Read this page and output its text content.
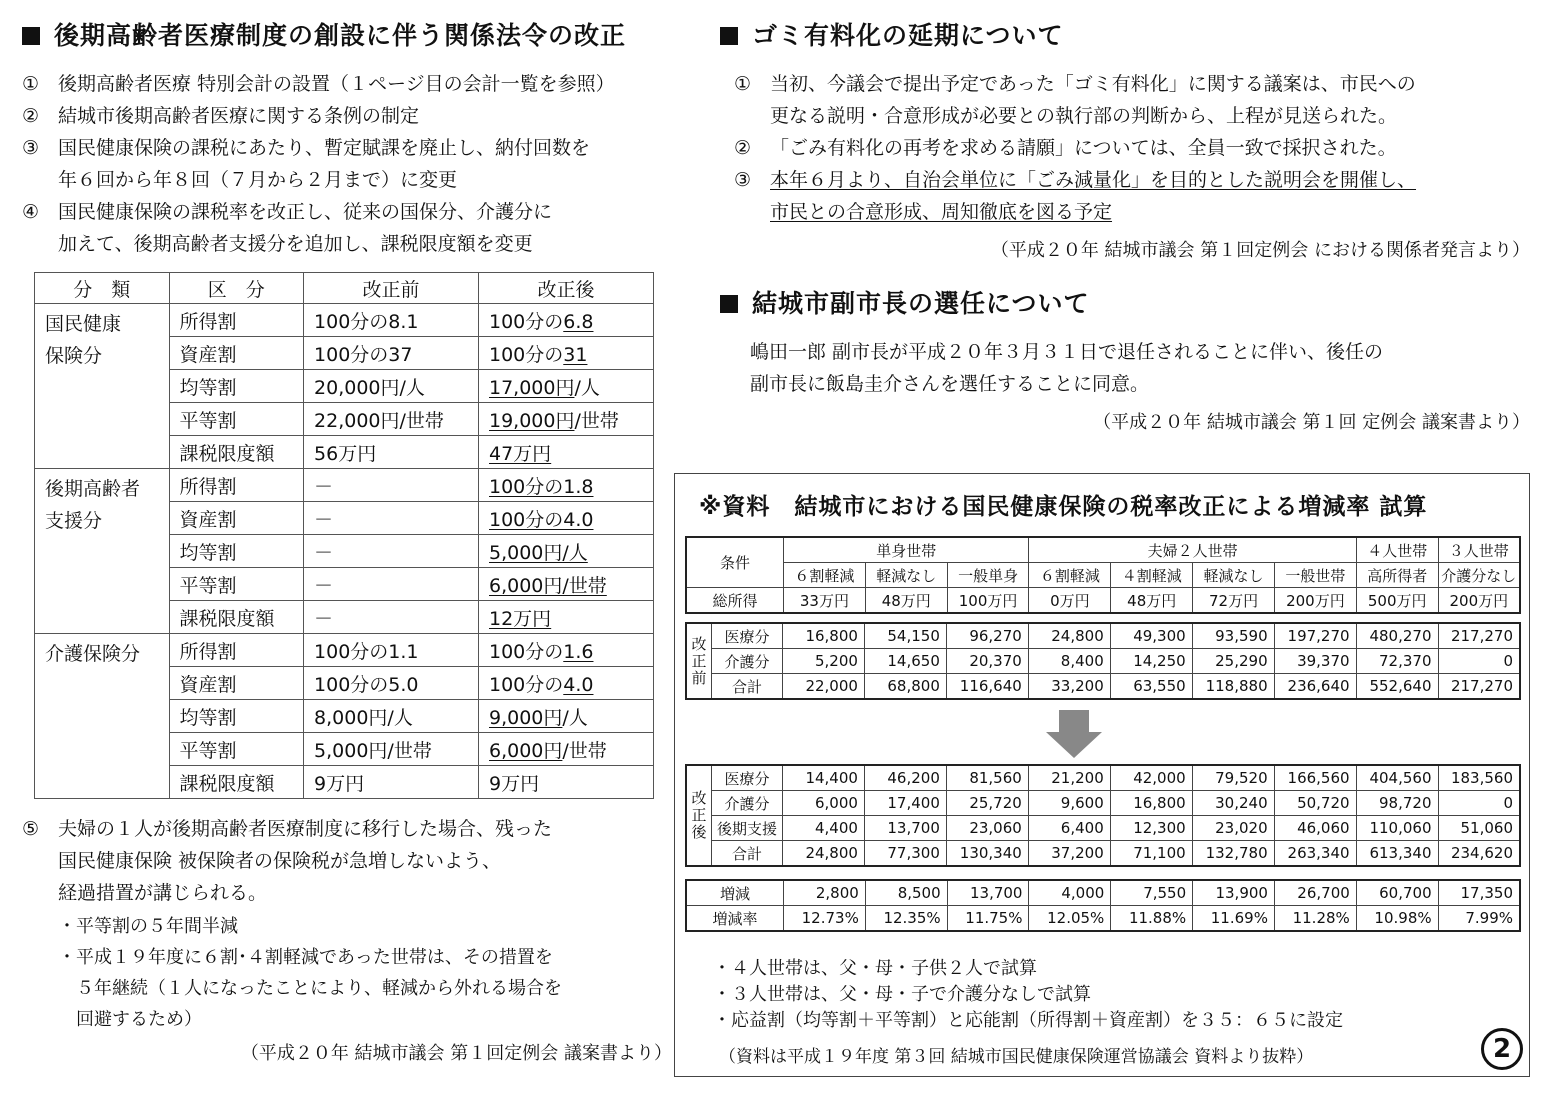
後期高齢者医療制度の創設に伴う関係法令の改正
① 後期高齢者医療 特別会計の設置（１ページ目の会計一覧を参照）
② 結城市後期高齢者医療に関する条例の制定
③ 国民健康保険の課税にあたり、暫定賦課を廃止し、納付回数を
年６回から年８回（７月から２月まで）に変更
④ 国民健康保険の課税率を改正し、従来の国保分、介護分に
加えて、後期高齢者支援分を追加し、課税限度額を変更
分　類	区　分	改正前	改正後
国民健康
保険分	所得割	100分の8.1	100分の6.8
	資産割	100分の37	100分の31
	均等割	20,000円/人	17,000円/人
	平等割	22,000円/世帯	19,000円/世帯
	課税限度額	56万円	47万円
後期高齢者
支援分	所得割	－	100分の1.8
	資産割	－	100分の4.0
	均等割	－	5,000円/人
	平等割	－	6,000円/世帯
	課税限度額	－	12万円
介護保険分	所得割	100分の1.1	100分の1.6
	資産割	100分の5.0	100分の4.0
	均等割	8,000円/人	9,000円/人
	平等割	5,000円/世帯	6,000円/世帯
	課税限度額	9万円	9万円
⑤ 夫婦の１人が後期高齢者医療制度に移行した場合、残った
国民健康保険 被保険者の保険税が急増しないよう、
経過措置が講じられる。
・平等割の５年間半減
・平成１９年度に６割･４割軽減であった世帯は、その措置を
　５年継続（１人になったことにより、軽減から外れる場合を
　回避するため）
（平成２０年 結城市議会 第１回定例会 議案書より）
ゴミ有料化の延期について
① 当初、今議会で提出予定であった「ゴミ有料化」に関する議案は、市民への
更なる説明・合意形成が必要との執行部の判断から、上程が見送られた。
② 「ごみ有料化の再考を求める請願」については、全員一致で採択された。
③ 本年６月より、自治会単位に「ごみ減量化」を目的とした説明会を開催し、
市民との合意形成、周知徹底を図る予定
（平成２０年 結城市議会 第１回定例会 における関係者発言より）
結城市副市長の選任について
嶋田一郎 副市長が平成２０年３月３１日で退任されることに伴い、後任の
副市長に飯島圭介さんを選任することに同意。
（平成２０年 結城市議会 第１回 定例会 議案書より）
※資料　結城市における国民健康保険の税率改正による増減率 試算
条件	単身世帯			夫婦２人世帯				４人世帯	３人世帯
	６割軽減	軽減なし	一般単身	６割軽減	４割軽減	軽減なし	一般世帯	高所得者	介護分なし
総所得	33万円	48万円	100万円	0万円	48万円	72万円	200万円	500万円	200万円
改
正
前	医療分	16,800	54,150	96,270	24,800	49,300	93,590	197,270	480,270	217,270
	介護分	5,200	14,650	20,370	8,400	14,250	25,290	39,370	72,370	0
	合計	22,000	68,800	116,640	33,200	63,550	118,880	236,640	552,640	217,270
改
正
後	医療分	14,400	46,200	81,560	21,200	42,000	79,520	166,560	404,560	183,560
	介護分	6,000	17,400	25,720	9,600	16,800	30,240	50,720	98,720	0
	後期支援	4,400	13,700	23,060	6,400	12,300	23,020	46,060	110,060	51,060
	合計	24,800	77,300	130,340	37,200	71,100	132,780	263,340	613,340	234,620
増減	2,800	8,500	13,700	4,000	7,550	13,900	26,700	60,700	17,350
増減率	12.73%	12.35%	11.75%	12.05%	11.88%	11.69%	11.28%	10.98%	7.99%
・４人世帯は、父・母・子供２人で試算
・３人世帯は、父・母・子で介護分なしで試算
・応益割（均等割＋平等割）と応能割（所得割＋資産割）を３５：６５に設定
（資料は平成１９年度 第３回 結城市国民健康保険運営協議会 資料より抜粋）	2
